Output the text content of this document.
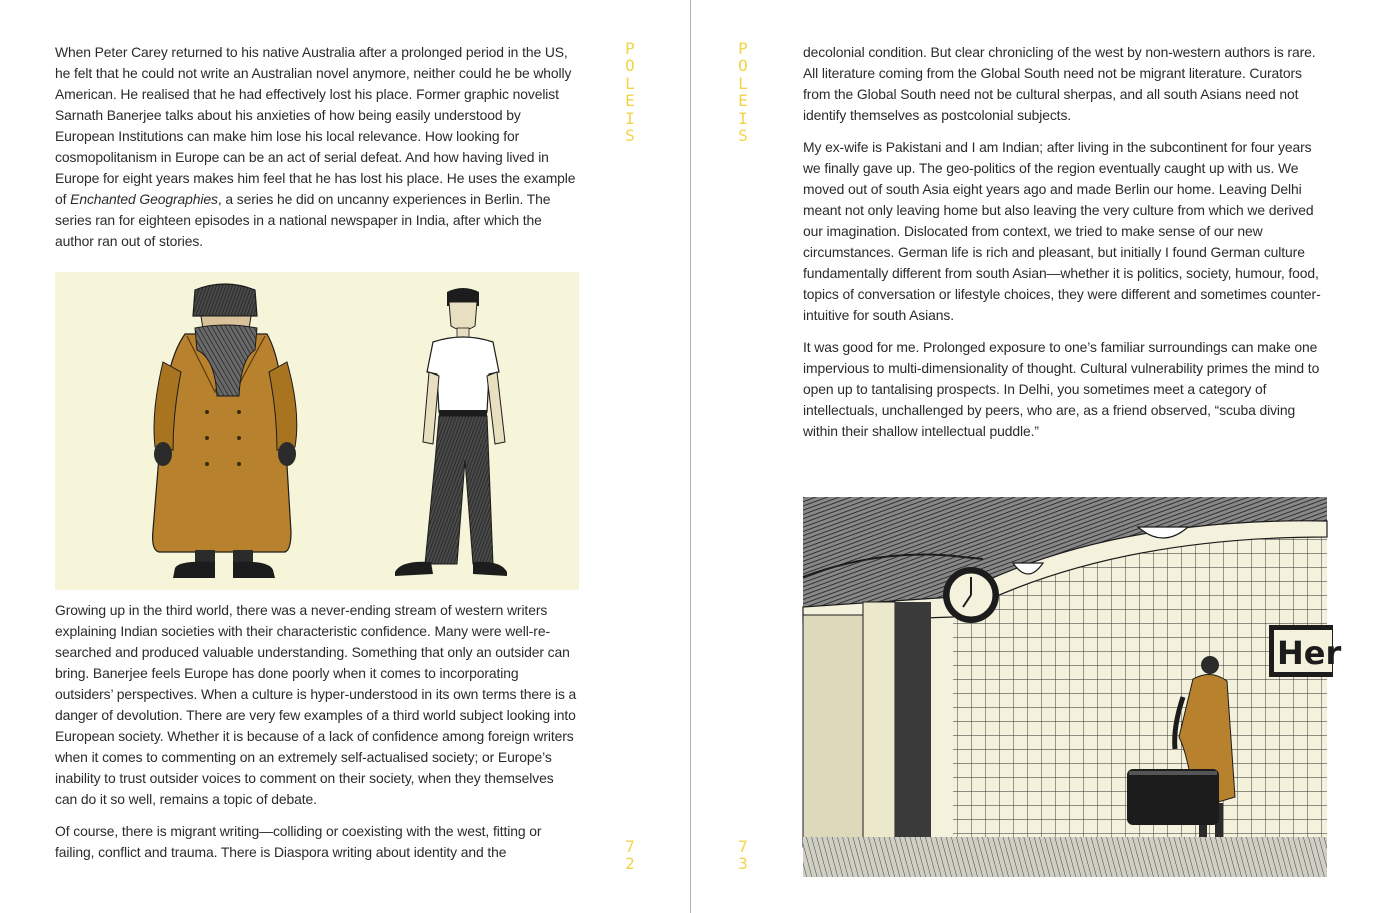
When Peter Carey returned to his native Australia after a prolonged period in the US, he felt that he could not write an Australian novel anymore, neither could he be wholly American. He realised that he had effectively lost his place. Former graphic novelist Sarnath Banerjee talks about his anxieties of how being easily understood by European Institutions can make him lose his local relevance. How looking for cosmopolitanism in Europe can be an act of serial defeat. And how having lived in Europe for eight years makes him feel that he has lost his place. He uses the example of Enchanted Geographies, a series he did on uncanny experiences in Berlin. The series ran for eighteen episodes in a national newspaper in India, after which the author ran out of stories.

Growing up in the third world, there was a never-ending stream of western writers explaining Indian societies with their characteristic confidence. Many were well-researched and produced valuable understanding. Something that only an outsider can bring. Banerjee feels Europe has done poorly when it comes to incorporating outsiders’ perspectives. When a culture is hyper-understood in its own terms there is a danger of devolution. There are very few examples of a third world subject looking into European society. Whether it is because of a lack of confidence among foreign writers when it comes to commenting on an extremely self-actualised society; or Europe’s inability to trust outsider voices to comment on their society, when they themselves can do it so well, remains a topic of debate.

Of course, there is migrant writing—colliding or coexisting with the west, fitting or failing, conflict and trauma. There is Diaspora writing about identity and the

P
O
L
E
I
S
7
2
P
O
L
E
I
S
7
3

decolonial condition. But clear chronicling of the west by non-western authors is rare. All literature coming from the Global South need not be migrant literature. Curators from the Global South need not be cultural sherpas, and all south Asians need not identify themselves as postcolonial subjects.

My ex-wife is Pakistani and I am Indian; after living in the subcontinent for four years we finally gave up. The geo-politics of the region eventually caught up with us. We moved out of south Asia eight years ago and made Berlin our home. Leaving Delhi meant not only leaving home but also leaving the very culture from which we derived our imagination. Dislocated from context, we tried to make sense of our new circumstances. German life is rich and pleasant, but initially I found German culture fundamentally different from south Asian—whether it is politics, society, humour, food, topics of conversation or lifestyle choices, they were different and sometimes counter-intuitive for south Asians.

It was good for me. Prolonged exposure to one’s familiar surroundings can make one impervious to multi-dimensionality of thought. Cultural vulnerability primes the mind to open up to tantalising prospects. In Delhi, you sometimes meet a category of intellectuals, unchallenged by peers, who are, as a friend observed, “scuba diving within their shallow intellectual puddle.”

Her
